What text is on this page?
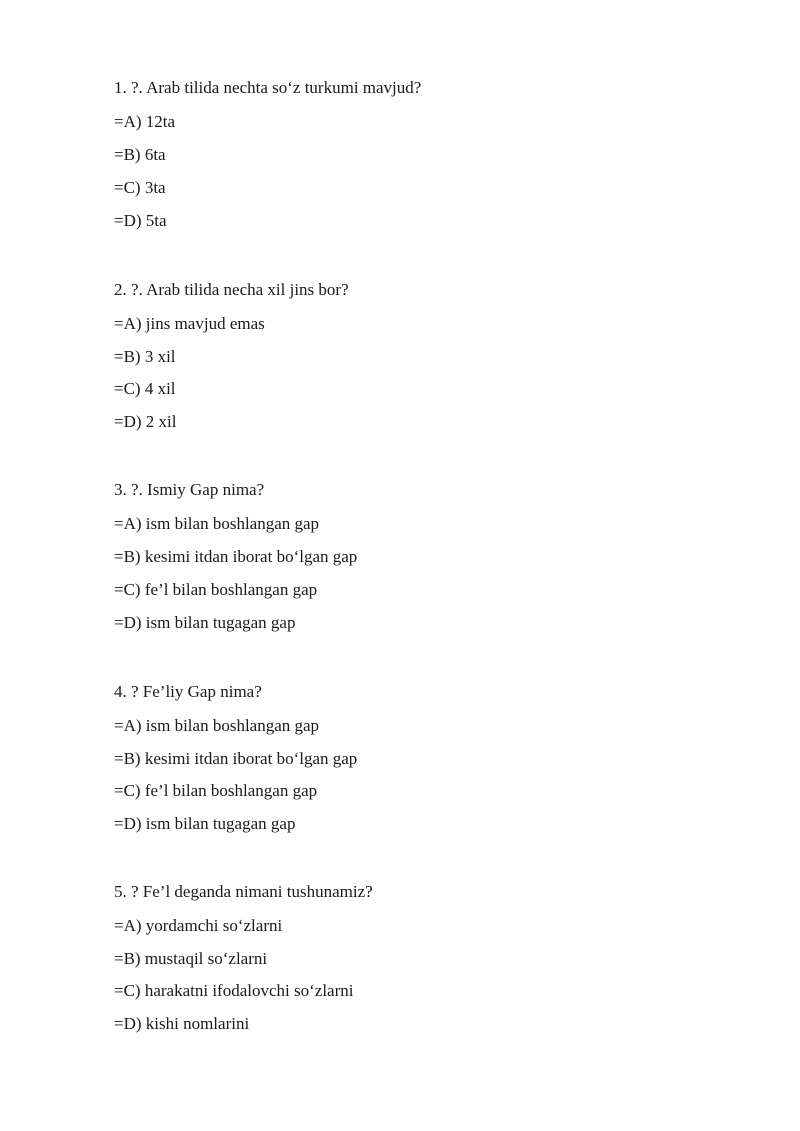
1. ?. Arab tilida nechta so‘z turkumi mavjud?
=A) 12ta
=B) 6ta
=C) 3ta
=D) 5ta
2. ?. Arab tilida necha xil jins bor?
=A) jins mavjud emas
=B) 3 xil
=C) 4 xil
=D) 2 xil
3. ?. Ismiy Gap nima?
=A) ism bilan boshlangan gap
=B) kesimi itdan iborat bo‘lgan gap
=C) fe’l bilan boshlangan gap
=D) ism bilan tugagan gap
4. ? Fe’liy Gap nima?
=A) ism bilan boshlangan gap
=B) kesimi itdan iborat bo‘lgan gap
=C) fe’l bilan boshlangan gap
=D) ism bilan tugagan gap
5. ? Fe’l deganda nimani tushunamiz?
=A) yordamchi so‘zlarni
=B) mustaqil so‘zlarni
=C) harakatni ifodalovchi so‘zlarni
=D) kishi nomlarini
